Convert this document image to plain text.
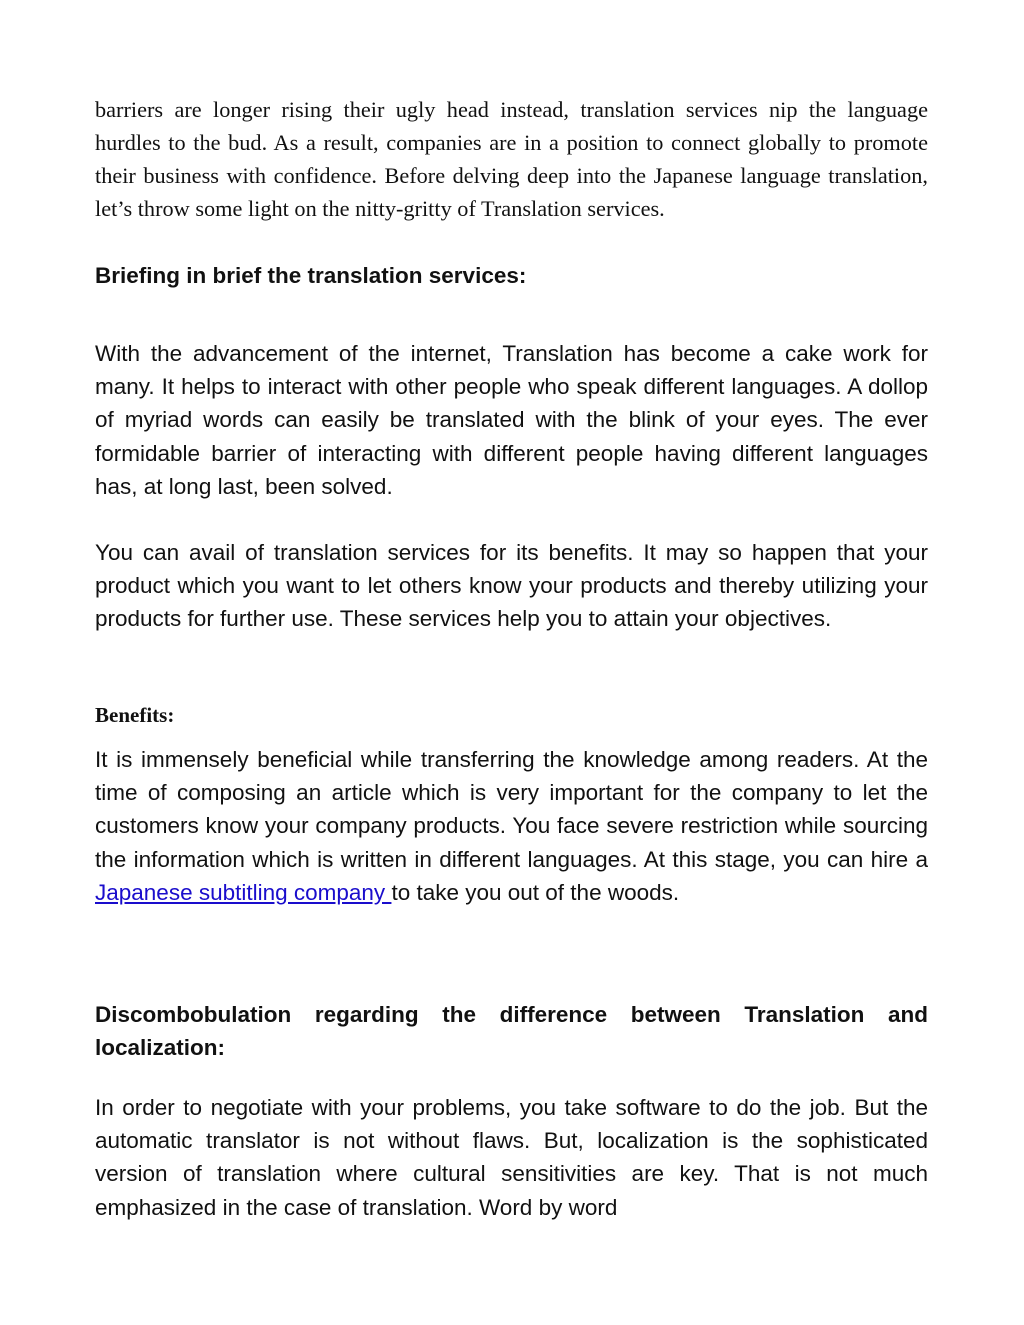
barriers are longer rising their ugly head instead, translation services nip the language hurdles to the bud. As a result, companies are in a position to connect globally to promote their business with confidence. Before delving deep into the Japanese language translation, let’s throw some light on the nitty-gritty of Translation services.

Briefing in brief the translation services:

With the advancement of the internet, Translation has become a cake work for many. It helps to interact with other people who speak different languages. A dollop of myriad words can easily be translated with the blink of your eyes. The ever formidable barrier of interacting with different people having different languages has, at long last, been solved.

You can avail of translation services for its benefits. It may so happen that your product which you want to let others know your products and thereby utilizing your products for further use. These services help you to attain your objectives.

Benefits:

It is immensely beneficial while transferring the knowledge among readers. At the time of composing an article which is very important for the company to let the customers know your company products. You face severe restriction while sourcing the information which is written in different languages. At this stage, you can hire a Japanese subtitling company to take you out of the woods.

Discombobulation regarding the difference between Translation and localization:

In order to negotiate with your problems, you take software to do the job. But the automatic translator is not without flaws. But, localization is the sophisticated version of translation where cultural sensitivities are key. That is not much emphasized in the case of translation. Word by word
